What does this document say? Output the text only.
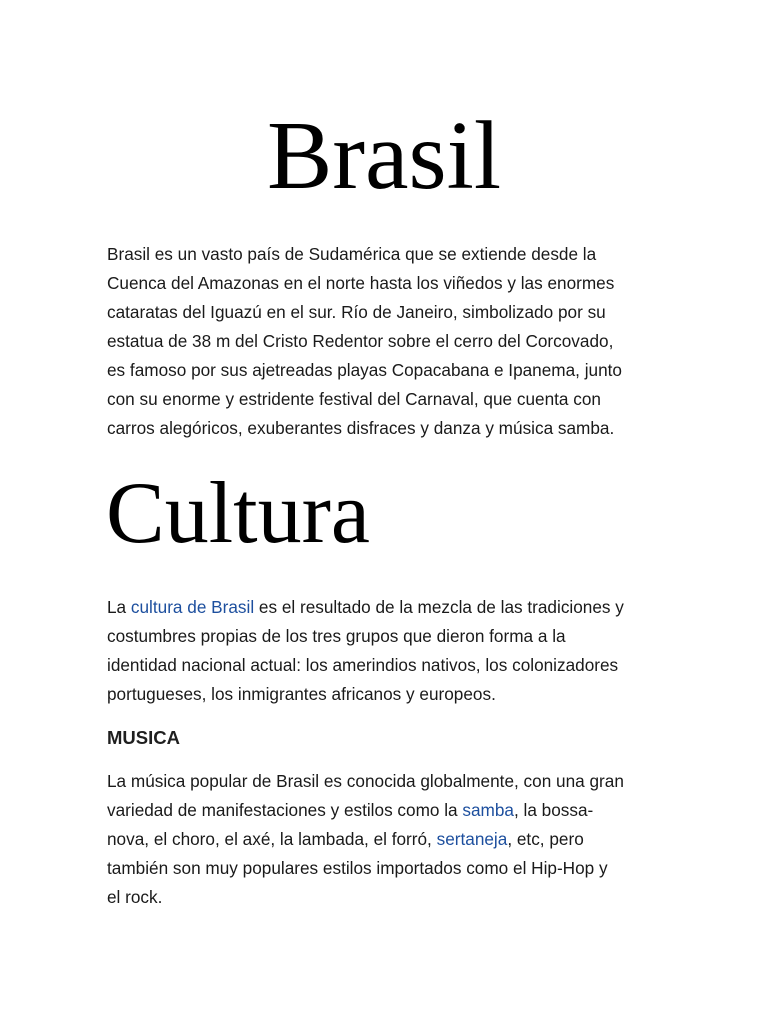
Brasil

Brasil es un vasto país de Sudamérica que se extiende desde la
Cuenca del Amazonas en el norte hasta los viñedos y las enormes
cataratas del Iguazú en el sur. Río de Janeiro, simbolizado por su
estatua de 38 m del Cristo Redentor sobre el cerro del Corcovado,
es famoso por sus ajetreadas playas Copacabana e Ipanema, junto
con su enorme y estridente festival del Carnaval, que cuenta con
carros alegóricos, exuberantes disfraces y danza y música samba.

Cultura

La cultura de Brasil es el resultado de la mezcla de las tradiciones y
costumbres propias de los tres grupos que dieron forma a la
identidad nacional actual: los amerindios nativos, los colonizadores
portugueses, los inmigrantes africanos y europeos.

MUSICA

La música popular de Brasil es conocida globalmente, con una gran
variedad de manifestaciones y estilos como la samba, la bossa-
nova, el choro, el axé, la lambada, el forró, sertaneja, etc, pero
también son muy populares estilos importados como el Hip-Hop y
el rock.
